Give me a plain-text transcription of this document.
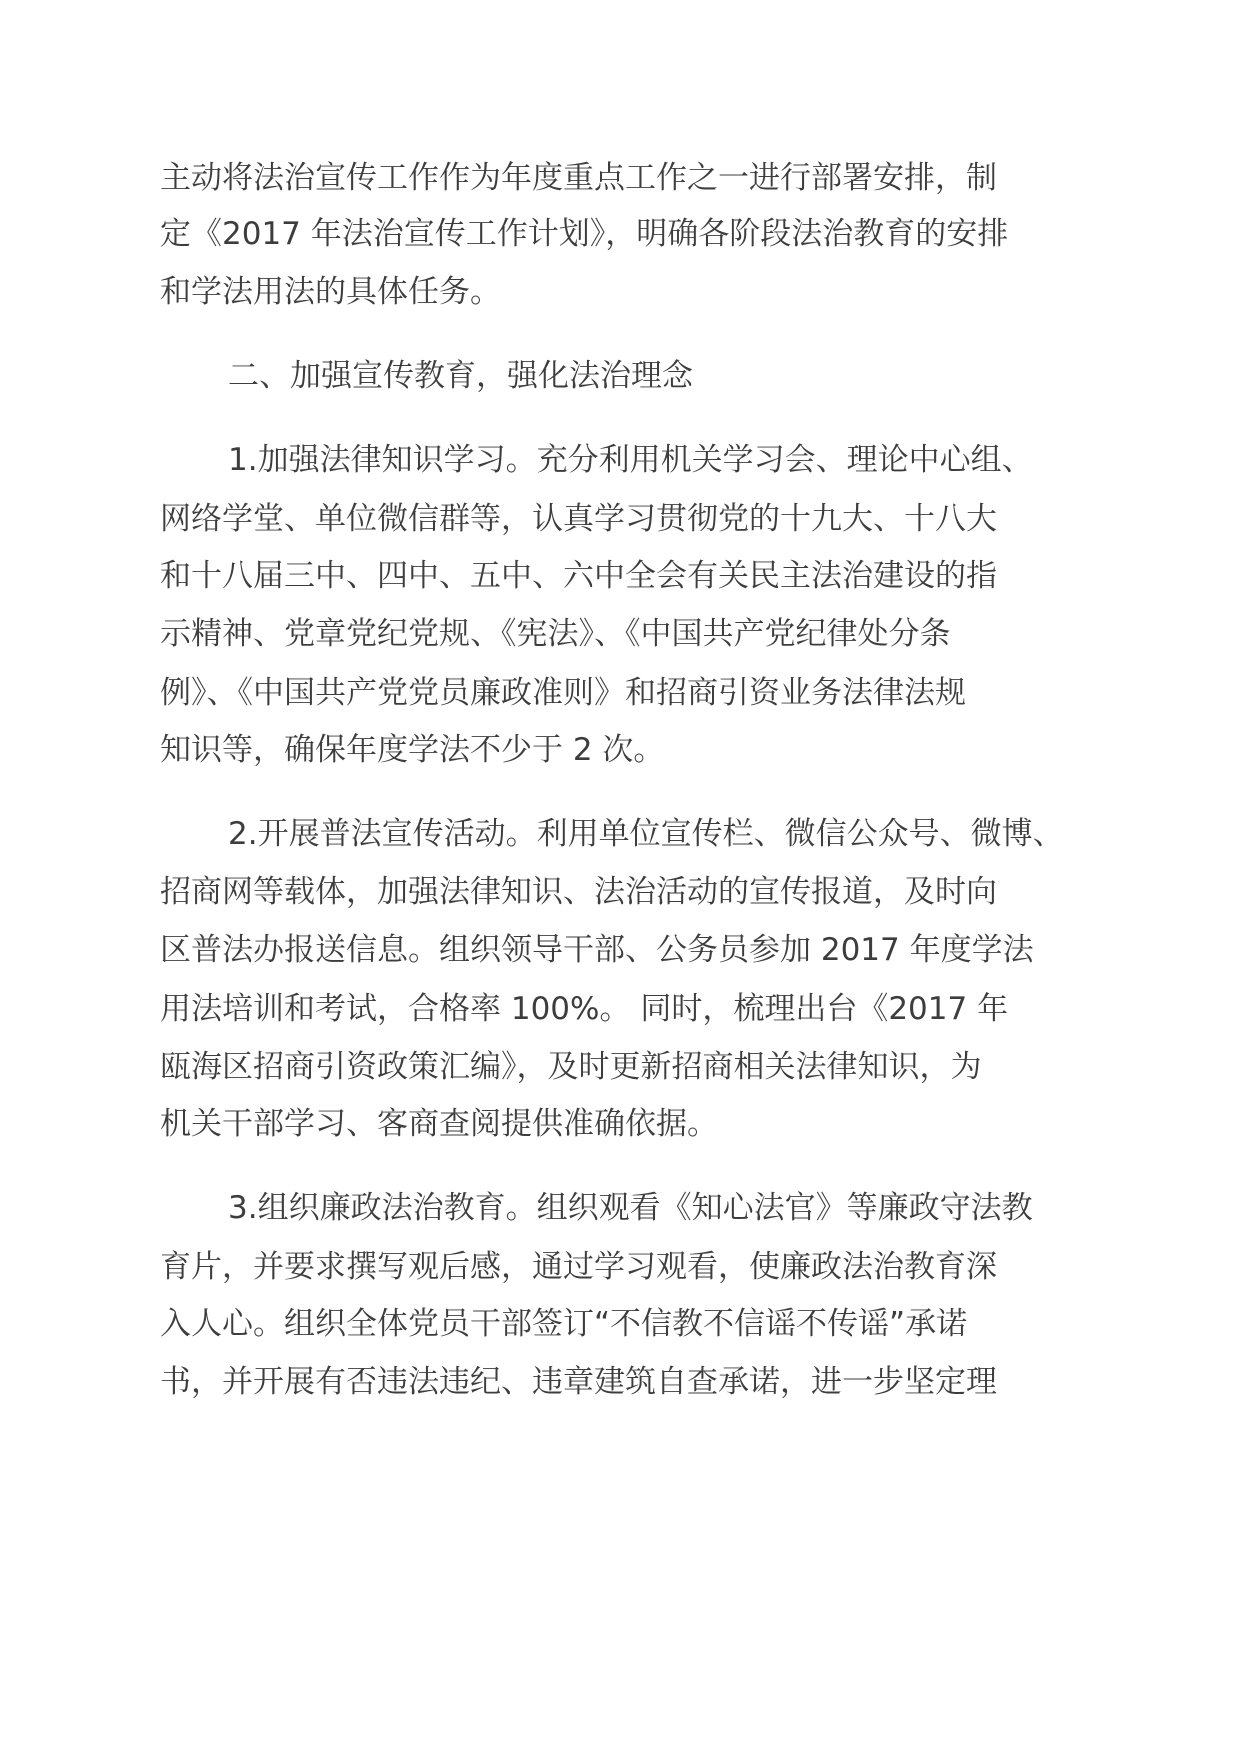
主动将法治宣传工作作为年度重点工作之一进行部署安排，制

定《2017 年法治宣传工作计划》，明确各阶段法治教育的安排

和学法用法的具体任务。

二、加强宣传教育，强化法治理念

1.加强法律知识学习。充分利用机关学习会、理论中心组、

网络学堂、单位微信群等，认真学习贯彻党的十九大、十八大

和十八届三中、四中、五中、六中全会有关民主法治建设的指

示精神、党章党纪党规、《宪法》、《中国共产党纪律处分条

例》、《中国共产党党员廉政准则》和招商引资业务法律法规

知识等，确保年度学法不少于 2 次。

2.开展普法宣传活动。利用单位宣传栏、微信公众号、微博、

招商网等载体，加强法律知识、法治活动的宣传报道，及时向

区普法办报送信息。组织领导干部、公务员参加 2017 年度学法

用法培训和考试，合格率 100%。 同时，梳理出台《2017 年

瓯海区招商引资政策汇编》，及时更新招商相关法律知识，为

机关干部学习、客商查阅提供准确依据。

3.组织廉政法治教育。组织观看《知心法官》等廉政守法教

育片，并要求撰写观后感，通过学习观看，使廉政法治教育深

入人心。组织全体党员干部签订“不信教不信谣不传谣”承诺

书，并开展有否违法违纪、违章建筑自查承诺，进一步坚定理
